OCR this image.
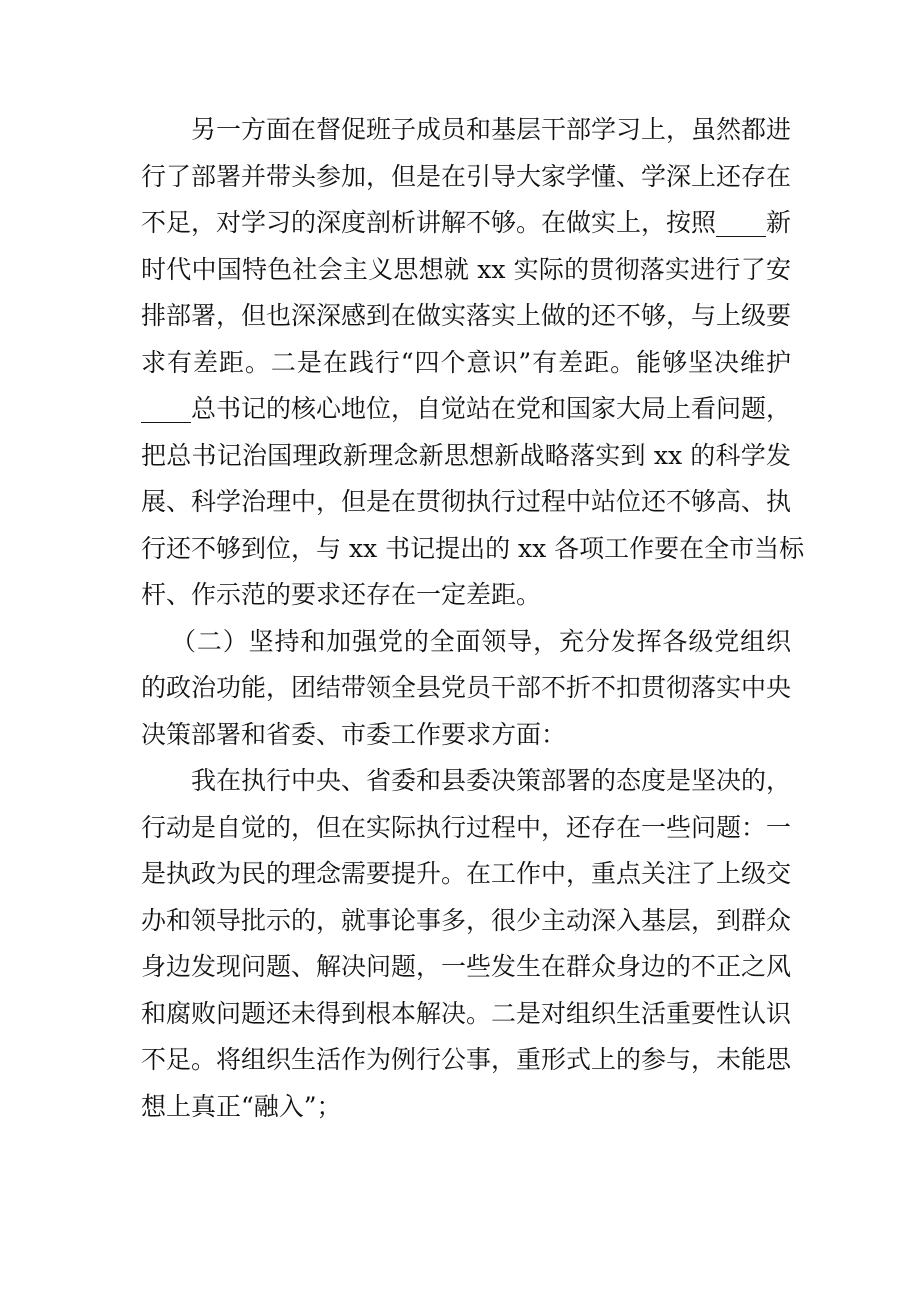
另一方面在督促班子成员和基层干部学习上，虽然都进
行了部署并带头参加，但是在引导大家学懂、学深上还存在
不足，对学习的深度剖析讲解不够。在做实上，按照____新
时代中国特色社会主义思想就 xx 实际的贯彻落实进行了安
排部署，但也深深感到在做实落实上做的还不够，与上级要
求有差距。二是在践行“四个意识”有差距。能够坚决维护
____总书记的核心地位，自觉站在党和国家大局上看问题，
把总书记治国理政新理念新思想新战略落实到 xx 的科学发
展、科学治理中，但是在贯彻执行过程中站位还不够高、执
行还不够到位，与 xx 书记提出的 xx 各项工作要在全市当标
杆、作示范的要求还存在一定差距。
（二）坚持和加强党的全面领导，充分发挥各级党组织
的政治功能，团结带领全县党员干部不折不扣贯彻落实中央
决策部署和省委、市委工作要求方面：
我在执行中央、省委和县委决策部署的态度是坚决的，
行动是自觉的，但在实际执行过程中，还存在一些问题：一
是执政为民的理念需要提升。在工作中，重点关注了上级交
办和领导批示的，就事论事多，很少主动深入基层，到群众
身边发现问题、解决问题，一些发生在群众身边的不正之风
和腐败问题还未得到根本解决。二是对组织生活重要性认识
不足。将组织生活作为例行公事，重形式上的参与，未能思
想上真正“融入”；
